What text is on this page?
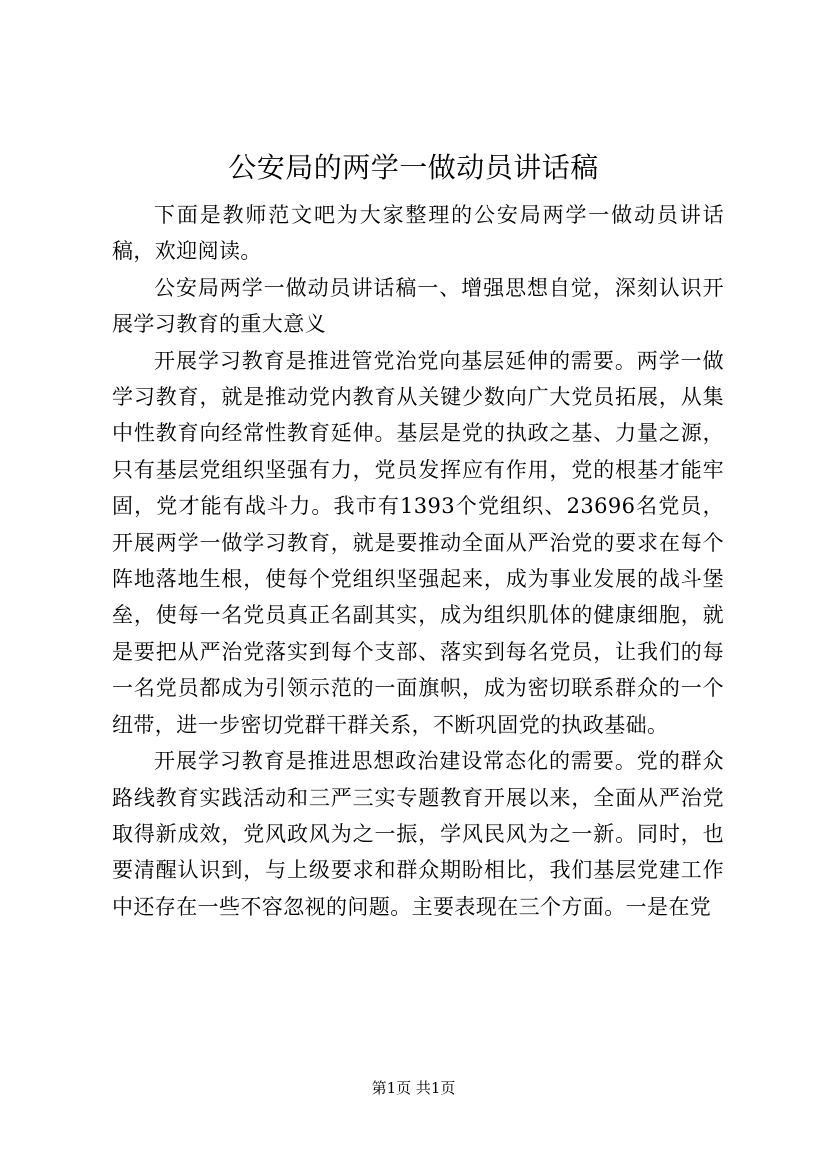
公安局的两学一做动员讲话稿

下面是教师范文吧为大家整理的公安局两学一做动员讲话稿，欢迎阅读。

公安局两学一做动员讲话稿一、增强思想自觉，深刻认识开展学习教育的重大意义

开展学习教育是推进管党治党向基层延伸的需要。两学一做学习教育，就是推动党内教育从关键少数向广大党员拓展，从集中性教育向经常性教育延伸。基层是党的执政之基、力量之源，只有基层党组织坚强有力，党员发挥应有作用，党的根基才能牢固，党才能有战斗力。我市有1393个党组织、23696名党员，开展两学一做学习教育，就是要推动全面从严治党的要求在每个阵地落地生根，使每个党组织坚强起来，成为事业发展的战斗堡垒，使每一名党员真正名副其实，成为组织肌体的健康细胞，就是要把从严治党落实到每个支部、落实到每名党员，让我们的每一名党员都成为引领示范的一面旗帜，成为密切联系群众的一个纽带，进一步密切党群干群关系，不断巩固党的执政基础。

开展学习教育是推进思想政治建设常态化的需要。党的群众路线教育实践活动和三严三实专题教育开展以来，全面从严治党取得新成效，党风政风为之一振，学风民风为之一新。同时，也要清醒认识到，与上级要求和群众期盼相比，我们基层党建工作中还存在一些不容忽视的问题。主要表现在三个方面。一是在党

第1页 共1页
